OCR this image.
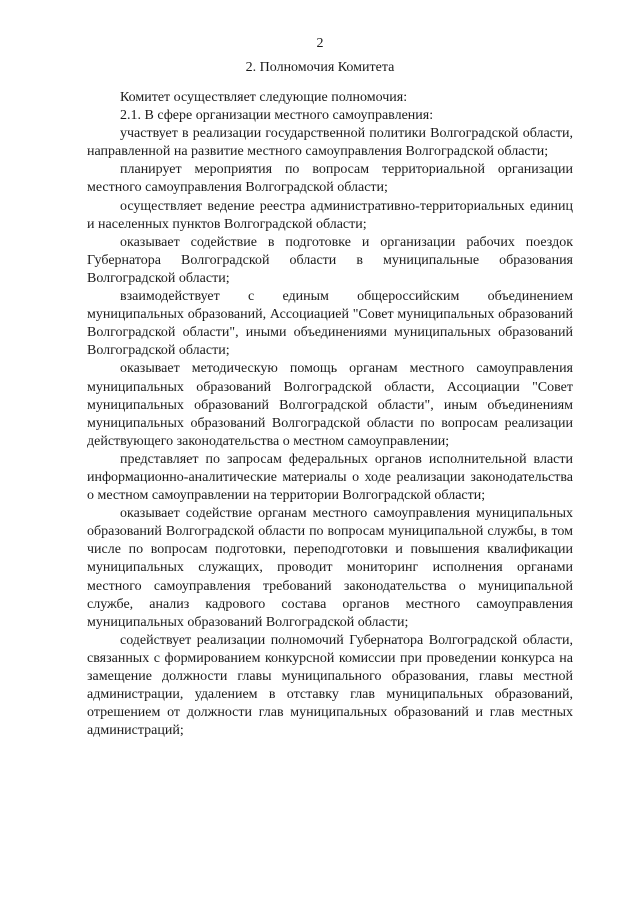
2
2. Полномочия Комитета

Комитет осуществляет следующие полномочия:

2.1. В сфере организации местного самоуправления:

участвует в реализации государственной политики Волгоградской области, направленной на развитие местного самоуправления Волгоградской области;

планирует мероприятия по вопросам территориальной организации местного самоуправления Волгоградской области;

осуществляет ведение реестра административно-территориальных единиц и населенных пунктов Волгоградской области;

оказывает содействие в подготовке и организации рабочих поездок Губернатора Волгоградской области в муниципальные образования Волгоградской области;

взаимодействует с единым общероссийским объединением муниципальных образований, Ассоциацией "Совет муниципальных образований Волгоградской области", иными объединениями муниципальных образований Волгоградской области;

оказывает методическую помощь органам местного самоуправления муниципальных образований Волгоградской области, Ассоциации "Совет муниципальных образований Волгоградской области", иным объединениям муниципальных образований Волгоградской области по вопросам реализации действующего законодательства о местном самоуправлении;

представляет по запросам федеральных органов исполнительной власти информационно-аналитические материалы о ходе реализации законодательства о местном самоуправлении на территории Волгоградской области;

оказывает содействие органам местного самоуправления муниципальных образований Волгоградской области по вопросам муниципальной службы, в том числе по вопросам подготовки, переподготовки и повышения квалификации муниципальных служащих, проводит мониторинг исполнения органами местного самоуправления требований законодательства о муниципальной службе, анализ кадрового состава органов местного самоуправления муниципальных образований Волгоградской области;

содействует реализации полномочий Губернатора Волгоградской области, связанных с формированием конкурсной комиссии при проведении конкурса на замещение должности главы муниципального образования, главы местной администрации, удалением в отставку глав муниципальных образований, отрешением от должности глав муниципальных образований и глав местных администраций;
